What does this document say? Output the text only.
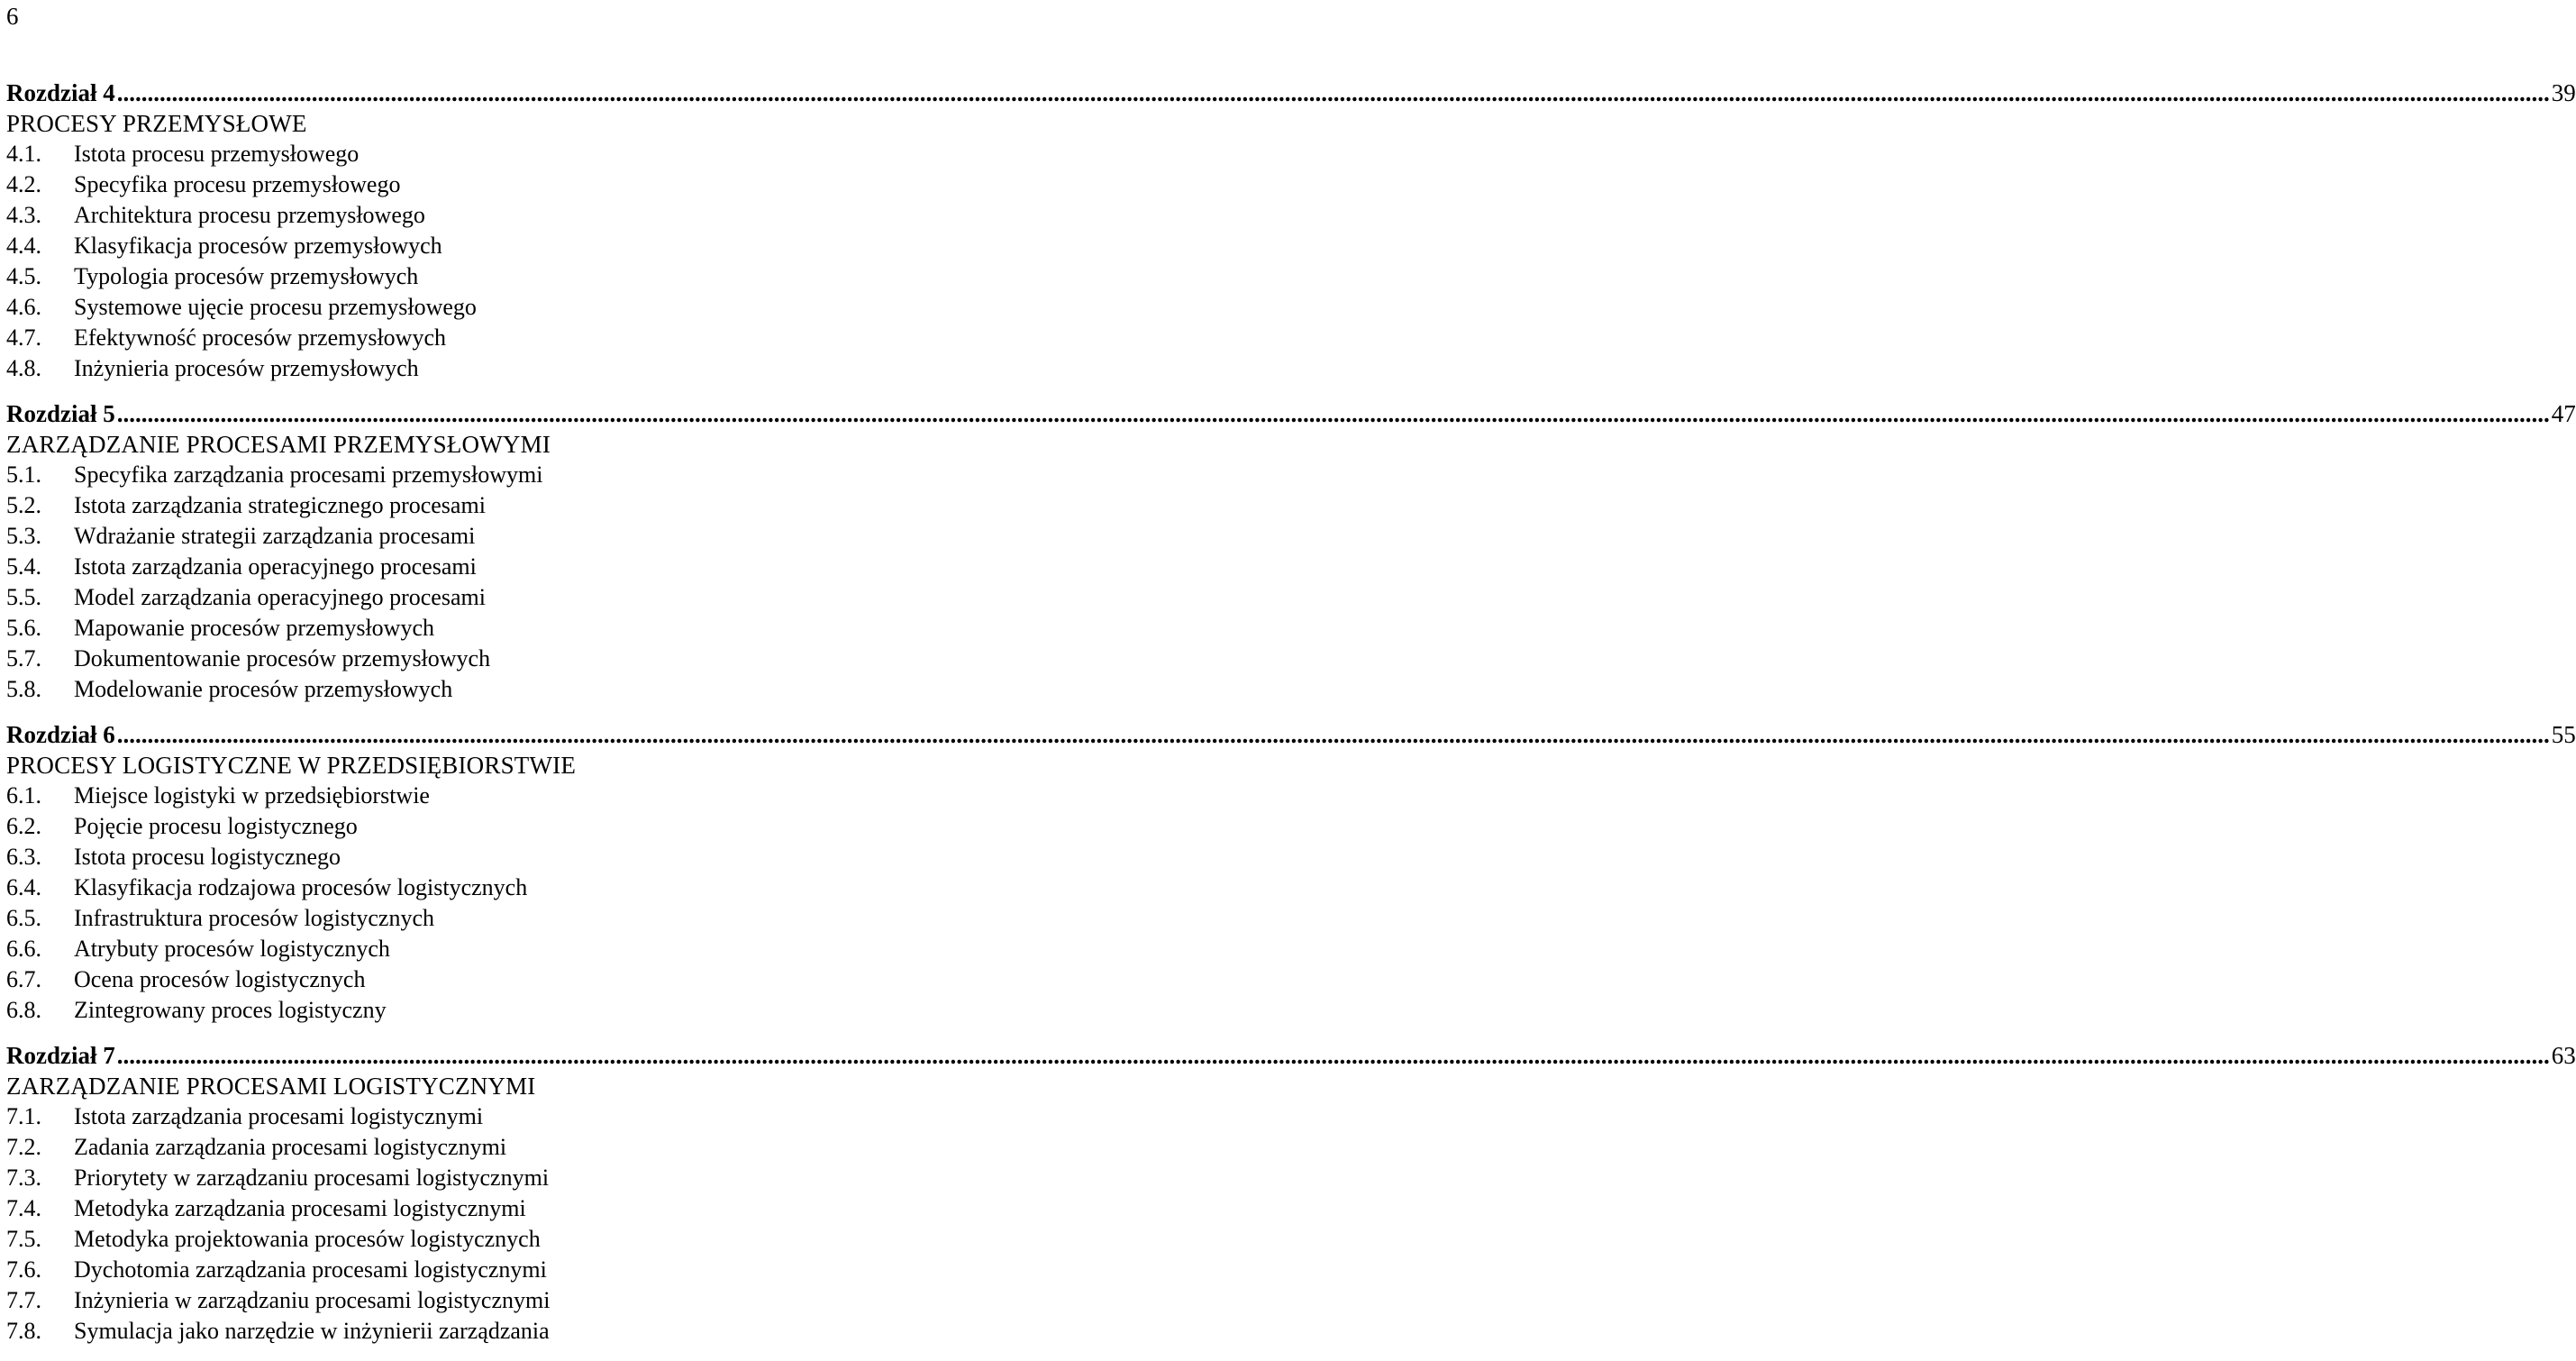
6
Rozdział 4 ................................................................................................................................................................................................................................................................................................................................................................................................................ 39
PROCESY PRZEMYSŁOWE
4.1.	Istota procesu przemysłowego
4.2.	Specyfika procesu przemysłowego
4.3.	Architektura procesu przemysłowego
4.4.	Klasyfikacja procesów przemysłowych
4.5.	Typologia procesów przemysłowych
4.6.	Systemowe ujęcie procesu przemysłowego
4.7.	Efektywność procesów przemysłowych
4.8.	Inżynieria procesów przemysłowych
Rozdział 5 ................................................................................................................................................................................................................................................................................................................................................................................................................ 47
ZARZĄDZANIE PROCESAMI PRZEMYSŁOWYMI
5.1.	Specyfika zarządzania procesami przemysłowymi
5.2.	Istota zarządzania strategicznego procesami
5.3.	Wdrażanie strategii zarządzania procesami
5.4.	Istota zarządzania operacyjnego procesami
5.5.	Model zarządzania operacyjnego procesami
5.6.	Mapowanie procesów przemysłowych
5.7.	Dokumentowanie procesów przemysłowych
5.8.	Modelowanie procesów przemysłowych
Rozdział 6 ................................................................................................................................................................................................................................................................................................................................................................................................................ 55
PROCESY LOGISTYCZNE W PRZEDSIĘBIORSTWIE
6.1.	Miejsce logistyki w przedsiębiorstwie
6.2.	Pojęcie procesu logistycznego
6.3.	Istota procesu logistycznego
6.4.	Klasyfikacja rodzajowa procesów logistycznych
6.5.	Infrastruktura procesów logistycznych
6.6.	Atrybuty procesów logistycznych
6.7.	Ocena procesów logistycznych
6.8.	Zintegrowany proces logistyczny
Rozdział 7 ................................................................................................................................................................................................................................................................................................................................................................................................................ 63
ZARZĄDZANIE PROCESAMI LOGISTYCZNYMI
7.1.	Istota zarządzania procesami logistycznymi
7.2.	Zadania zarządzania procesami logistycznymi
7.3.	Priorytety w zarządzaniu procesami logistycznymi
7.4.	Metodyka zarządzania procesami logistycznymi
7.5.	Metodyka projektowania procesów logistycznych
7.6.	Dychotomia zarządzania procesami logistycznymi
7.7.	Inżynieria w zarządzaniu procesami logistycznymi
7.8.	Symulacja jako narzędzie w inżynierii zarządzania
